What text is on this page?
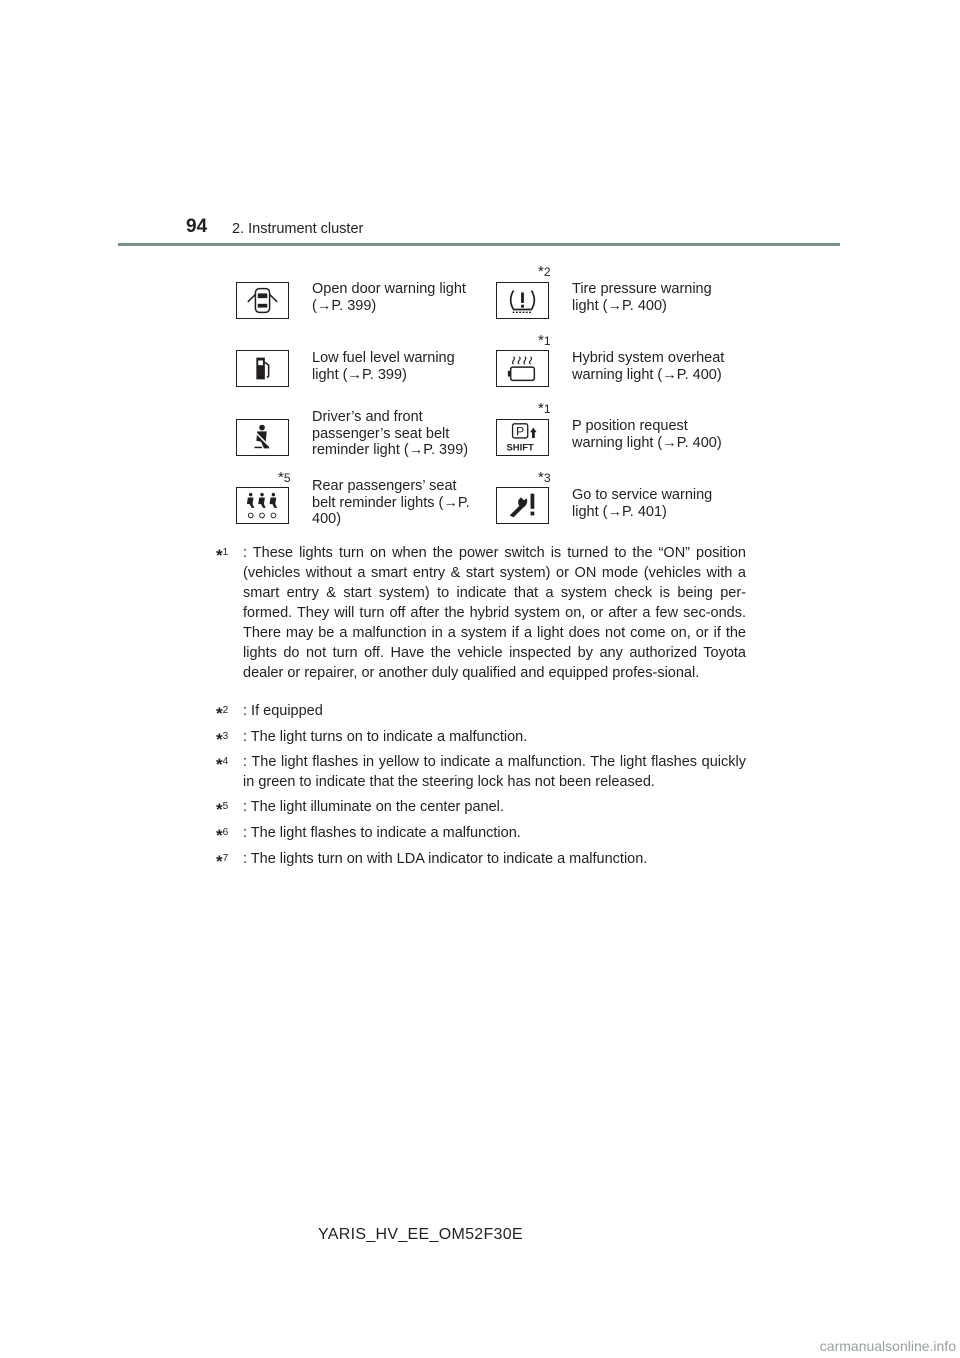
94 2. Instrument cluster
Open door warning light (→P. 399)
*2
Tire pressure warning light (→P. 400)
Low fuel level warning light (→P. 399)
*1
Hybrid system overheat warning light (→P. 400)
Driver’s and front passenger’s seat belt reminder light (→P. 399)
*1
P
SHIFT
P position request warning light (→P. 400)
*5 Rear passengers’ seat belt reminder lights (→P. 400)
*3
Go to service warning light (→P. 401)
*$^1$ : These lights turn on when the power switch is turned to the “ON” position (vehicles without a smart entry & start system) or ON mode (vehicles with a smart entry & start system) to indicate that a system check is being per-formed. They will turn off after the hybrid system on, or after a few sec-onds. There may be a malfunction in a system if a light does not come on, or if the lights do not turn off. Have the vehicle inspected by any authorized Toyota dealer or repairer, or another duly qualified and equipped profes-sional.
*$^2$ : If equipped
*$^3$ : The light turns on to indicate a malfunction.
*$^4$ : The light flashes in yellow to indicate a malfunction. The light flashes quickly in green to indicate that the steering lock has not been released.
*$^5$ : The light illuminate on the center panel.
*$^6$ : The light flashes to indicate a malfunction.
*$^7$ : The lights turn on with LDA indicator to indicate a malfunction.
YARIS_HV_EE_OM52F30E
carmanualsonline.info
